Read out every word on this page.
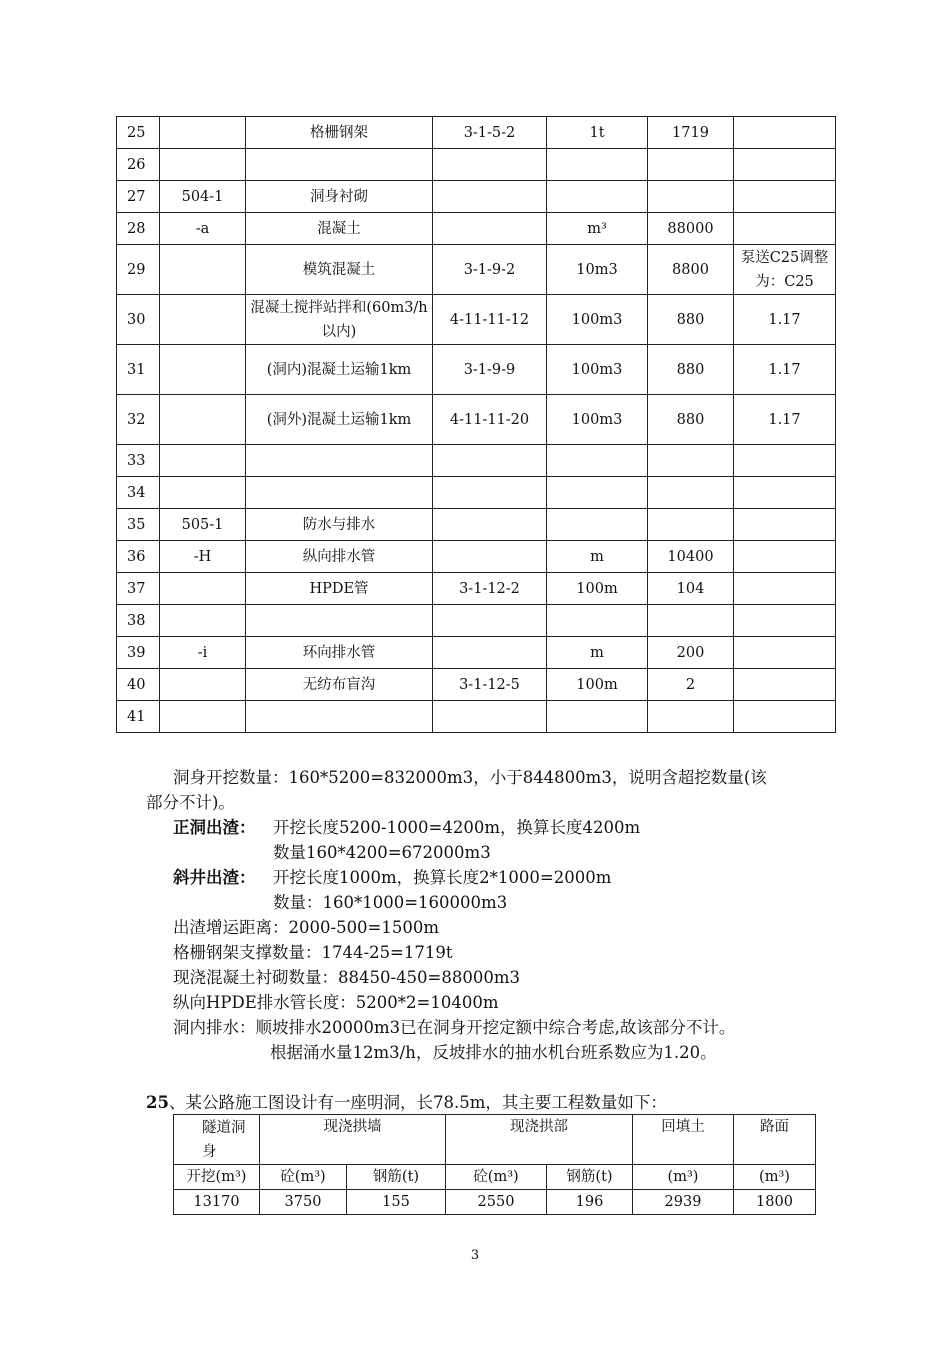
25		格栅钢架	3-1-5-2	1t	1719	
26						
27	504-1	洞身衬砌				
28	-a	混凝土		m³	88000	
29		模筑混凝土	3-1-9-2	10m3	8800	泵送C25调整为：C25
30		混凝土搅拌站拌和(60m3/h以内)	4-11-11-12	100m3	880	1.17
31		(洞内)混凝土运输1km	3-1-9-9	100m3	880	1.17
32		(洞外)混凝土运输1km	4-11-11-20	100m3	880	1.17
33						
34						
35	505-1	防水与排水				
36	-H	纵向排水管		m	10400	
37		HPDE管	3-1-12-2	100m	104	
38						
39	-i	环向排水管		m	200	
40		无纺布盲沟	3-1-12-5	100m	2	
41						
洞身开挖数量：160*5200=832000m3，小于844800m3，说明含超挖数量(该
部分不计)。
正洞出渣： 开挖长度5200-1000=4200m，换算长度4200m
数量160*4200=672000m3
斜井出渣： 开挖长度1000m，换算长度2*1000=2000m
数量：160*1000=160000m3
出渣增运距离：2000-500=1500m
格栅钢架支撑数量：1744-25=1719t
现浇混凝土衬砌数量：88450-450=88000m3
纵向HPDE排水管长度：5200*2=10400m
洞内排水：顺坡排水20000m3已在洞身开挖定额中综合考虑,故该部分不计。
根据涌水量12m3/h，反坡排水的抽水机台班系数应为1.20。
25、某公路施工图设计有一座明洞，长78.5m，其主要工程数量如下：
隧道洞身	现浇拱墙		现浇拱部		回填土	路面
开挖(m³)	砼(m³)	钢筋(t)	砼(m³)	钢筋(t)	(m³)	(m³)
13170	3750	155	2550	196	2939	1800
3
